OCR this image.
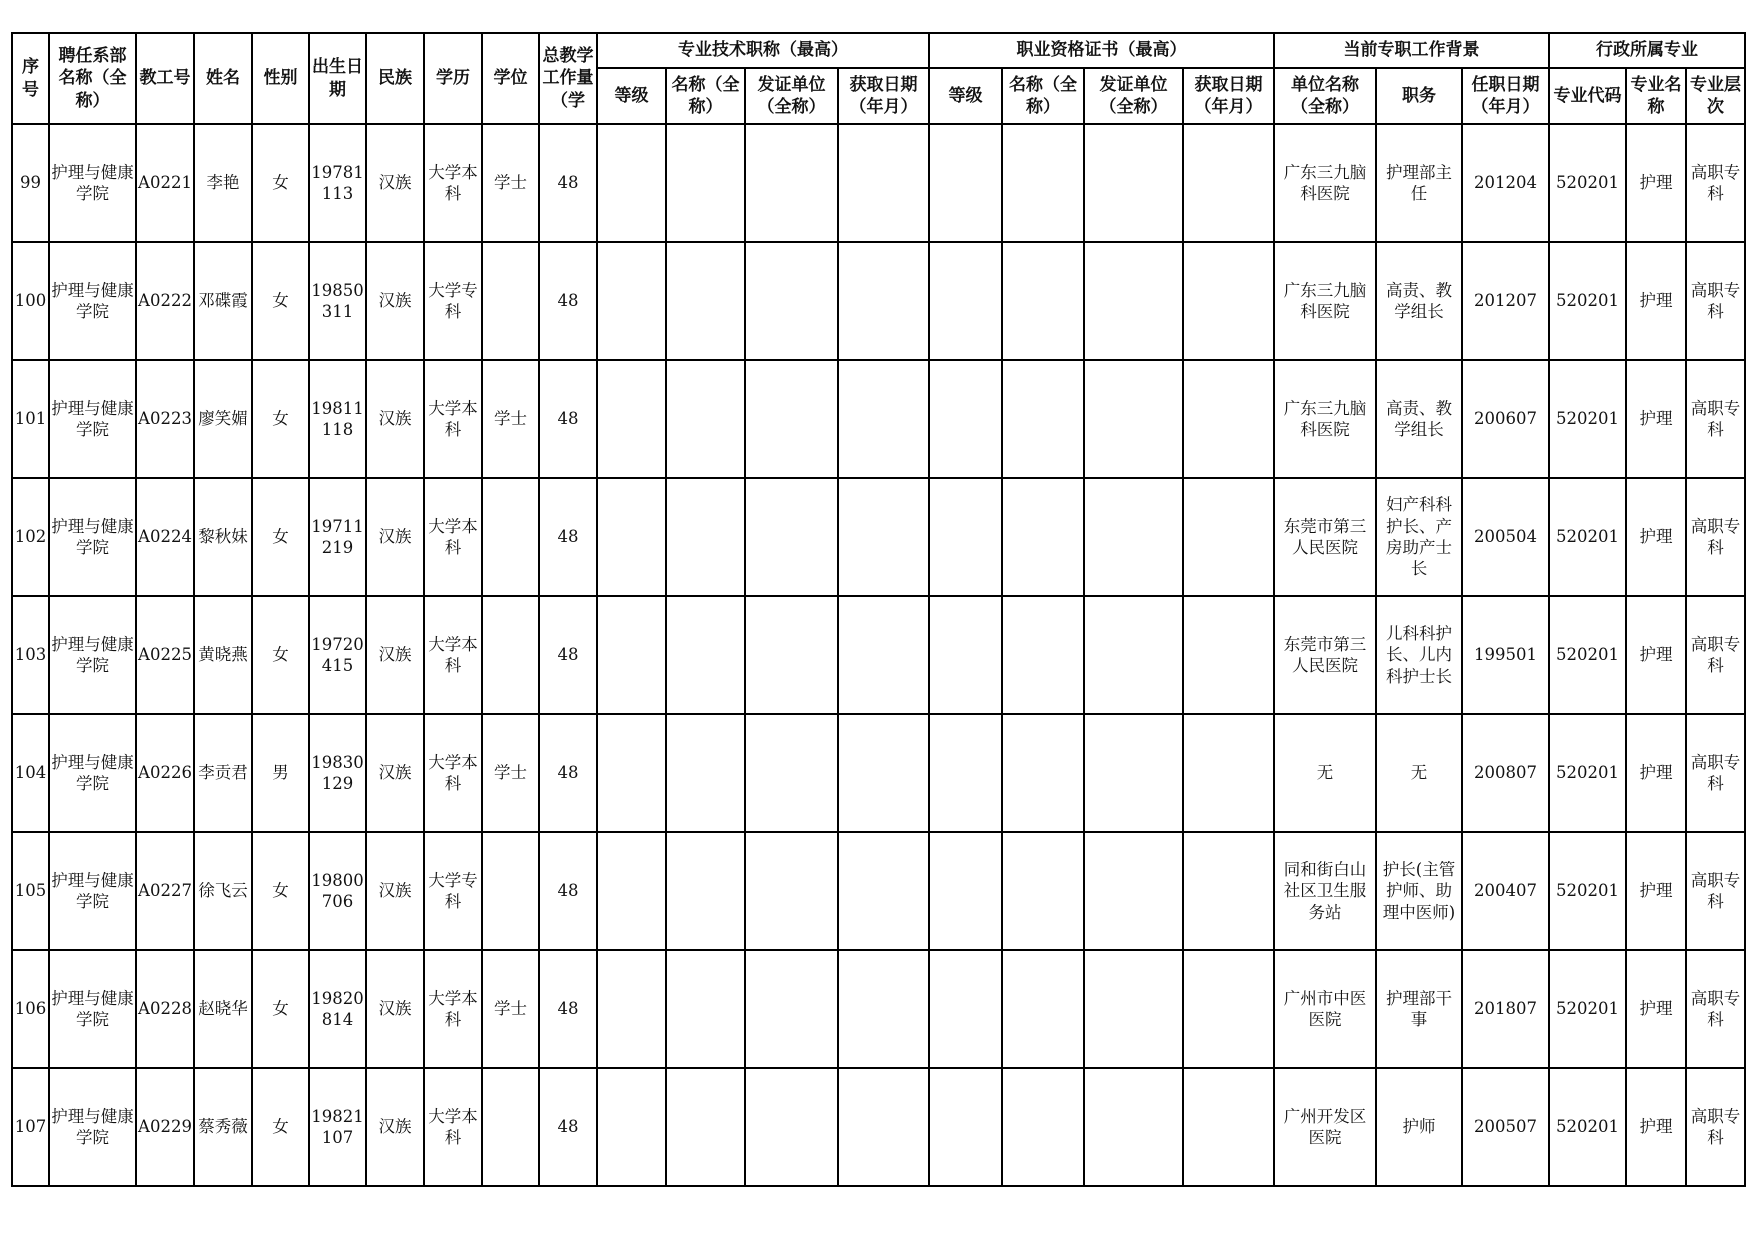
序号	聘任系部名称（全称）	教工号	姓名	性别	出生日期	民族	学历	学位	总教学工作量（学	专业技术职称（最高）				职业资格证书（最高）				当前专职工作背景			行政所属专业		
										等级	名称（全称）	发证单位（全称）	获取日期（年月）	等级	名称（全称）	发证单位（全称）	获取日期（年月）	单位名称（全称）	职务	任职日期（年月）	专业代码	专业名称	专业层次
99	护理与健康学院	A0221	李艳	女	19781113	汉族	大学本科	学士	48									广东三九脑科医院	护理部主任	201204	520201	护理	高职专科
100	护理与健康学院	A0222	邓碟霞	女	19850311	汉族	大学专科		48									广东三九脑科医院	高责、教学组长	201207	520201	护理	高职专科
101	护理与健康学院	A0223	廖笑媚	女	19811118	汉族	大学本科	学士	48									广东三九脑科医院	高责、教学组长	200607	520201	护理	高职专科
102	护理与健康学院	A0224	黎秋妹	女	19711219	汉族	大学本科		48									东莞市第三人民医院	妇产科科护长、产房助产士长	200504	520201	护理	高职专科
103	护理与健康学院	A0225	黄晓燕	女	19720415	汉族	大学本科		48									东莞市第三人民医院	儿科科护长、儿内科护士长	199501	520201	护理	高职专科
104	护理与健康学院	A0226	李贡君	男	19830129	汉族	大学本科	学士	48									无	无	200807	520201	护理	高职专科
105	护理与健康学院	A0227	徐飞云	女	19800706	汉族	大学专科		48									同和街白山社区卫生服务站	护长(主管护师、助理中医师)	200407	520201	护理	高职专科
106	护理与健康学院	A0228	赵晓华	女	19820814	汉族	大学本科	学士	48									广州市中医医院	护理部干事	201807	520201	护理	高职专科
107	护理与健康学院	A0229	蔡秀薇	女	19821107	汉族	大学本科		48									广州开发区医院	护师	200507	520201	护理	高职专科
